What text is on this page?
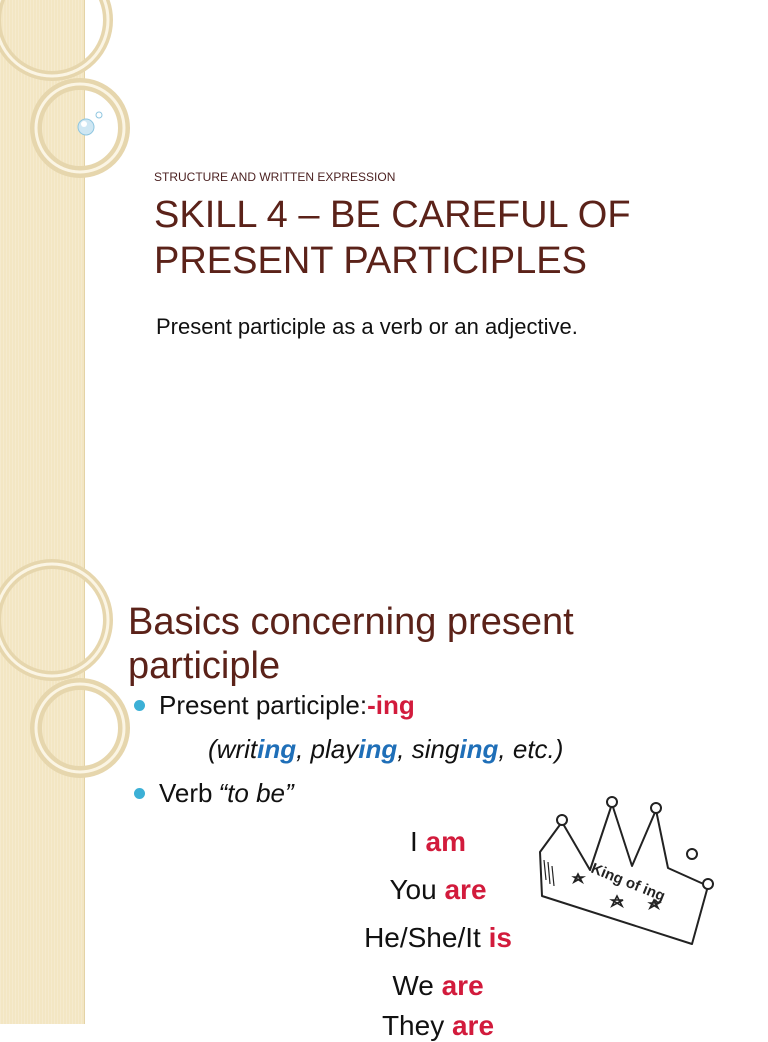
STRUCTURE AND WRITTEN EXPRESSION
SKILL 4 – BE CAREFUL OF
PRESENT PARTICIPLES
Present participle as a verb or an adjective.
Basics concerning present
participle
Present participle: -ing
(writing, playing, singing, etc.)
Verb “to be”
I am
You are
He/She/It is
We are
They are
King of ing
